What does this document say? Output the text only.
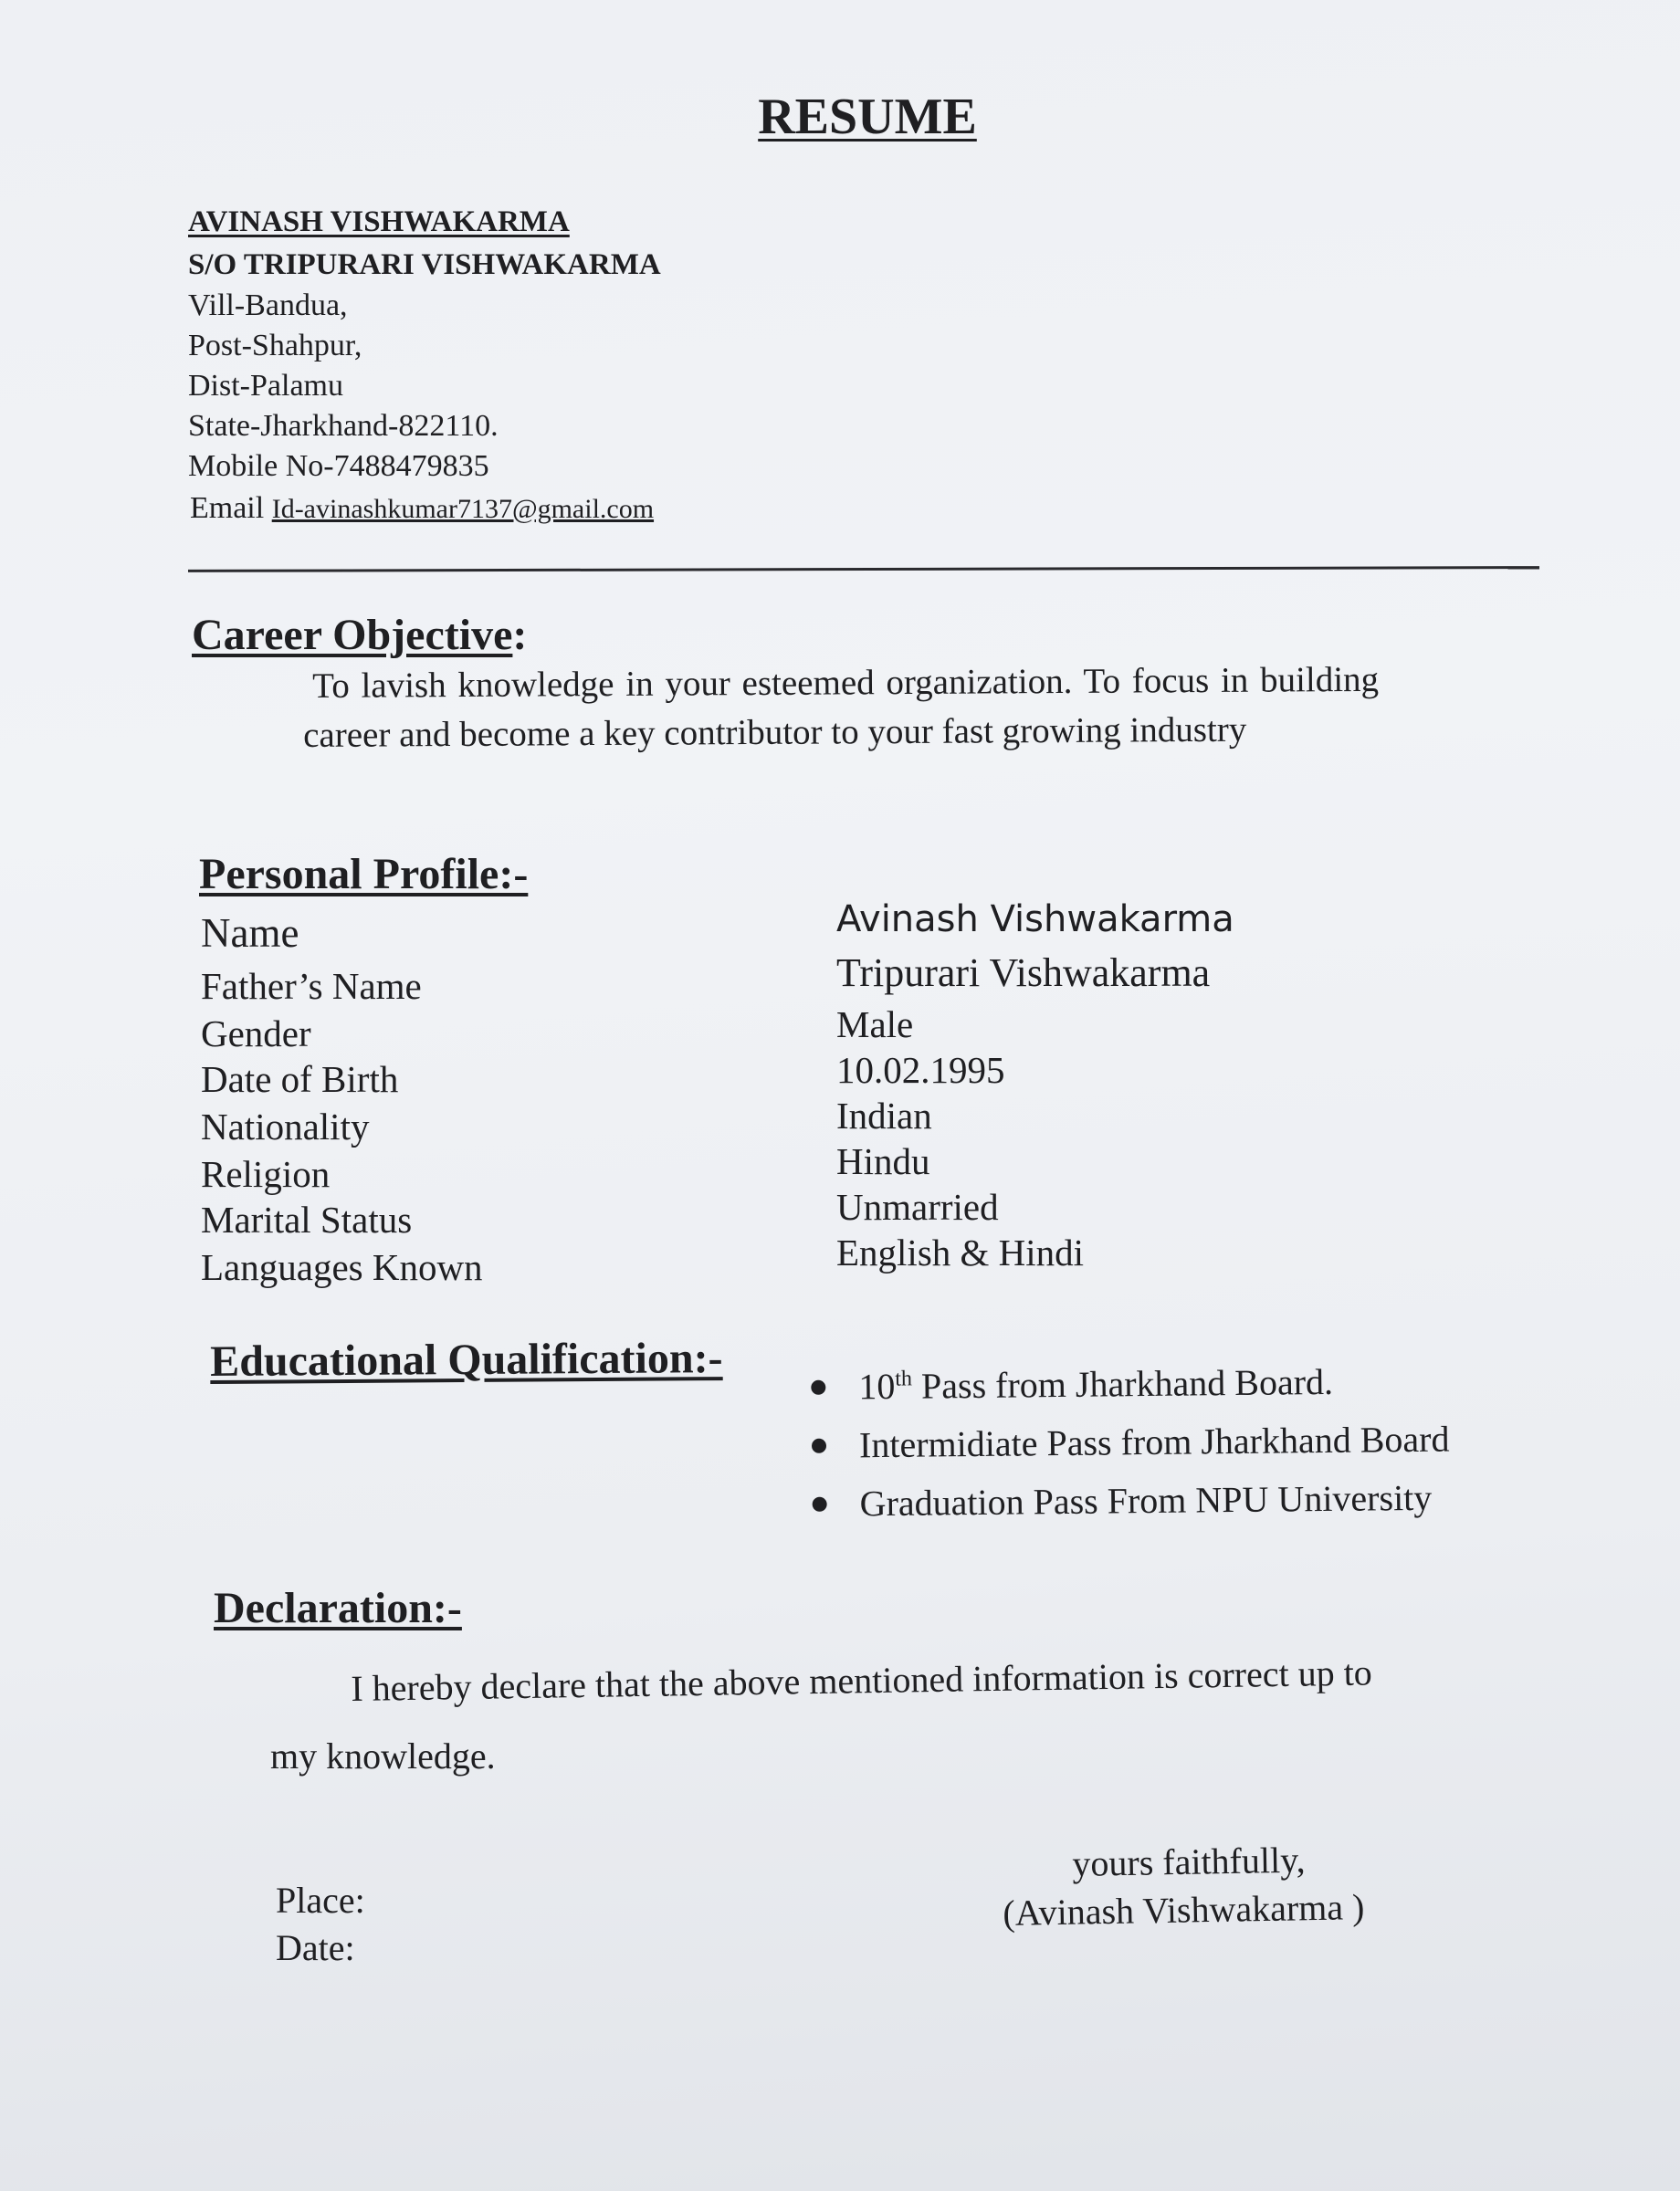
RESUME
AVINASH VISHWAKARMA
S/O TRIPURARI VISHWAKARMA
Vill-Bandua,
Post-Shahpur,
Dist-Palamu
State-Jharkhand-822110.
Mobile No-7488479835
Email Id-avinashkumar7137@gmail.com
Career Objective:
To lavish knowledge in your esteemed organization. To focus in building
career and become a key contributor to your fast growing industry
Personal Profile:-
Name	Avinash Vishwakarma
Father’s Name	Tripurari Vishwakarma
Gender	Male
Date of Birth	10.02.1995
Nationality	Indian
Religion	Hindu
Marital Status	Unmarried
Languages Known	English & Hindi
Educational Qualification:-
10th Pass from Jharkhand Board.
Intermidiate Pass from Jharkhand Board
Graduation Pass From NPU University
Declaration:-
I hereby declare that the above mentioned information is correct up to
my knowledge.
Place:
Date:
yours faithfully,
(Avinash Vishwakarma )
